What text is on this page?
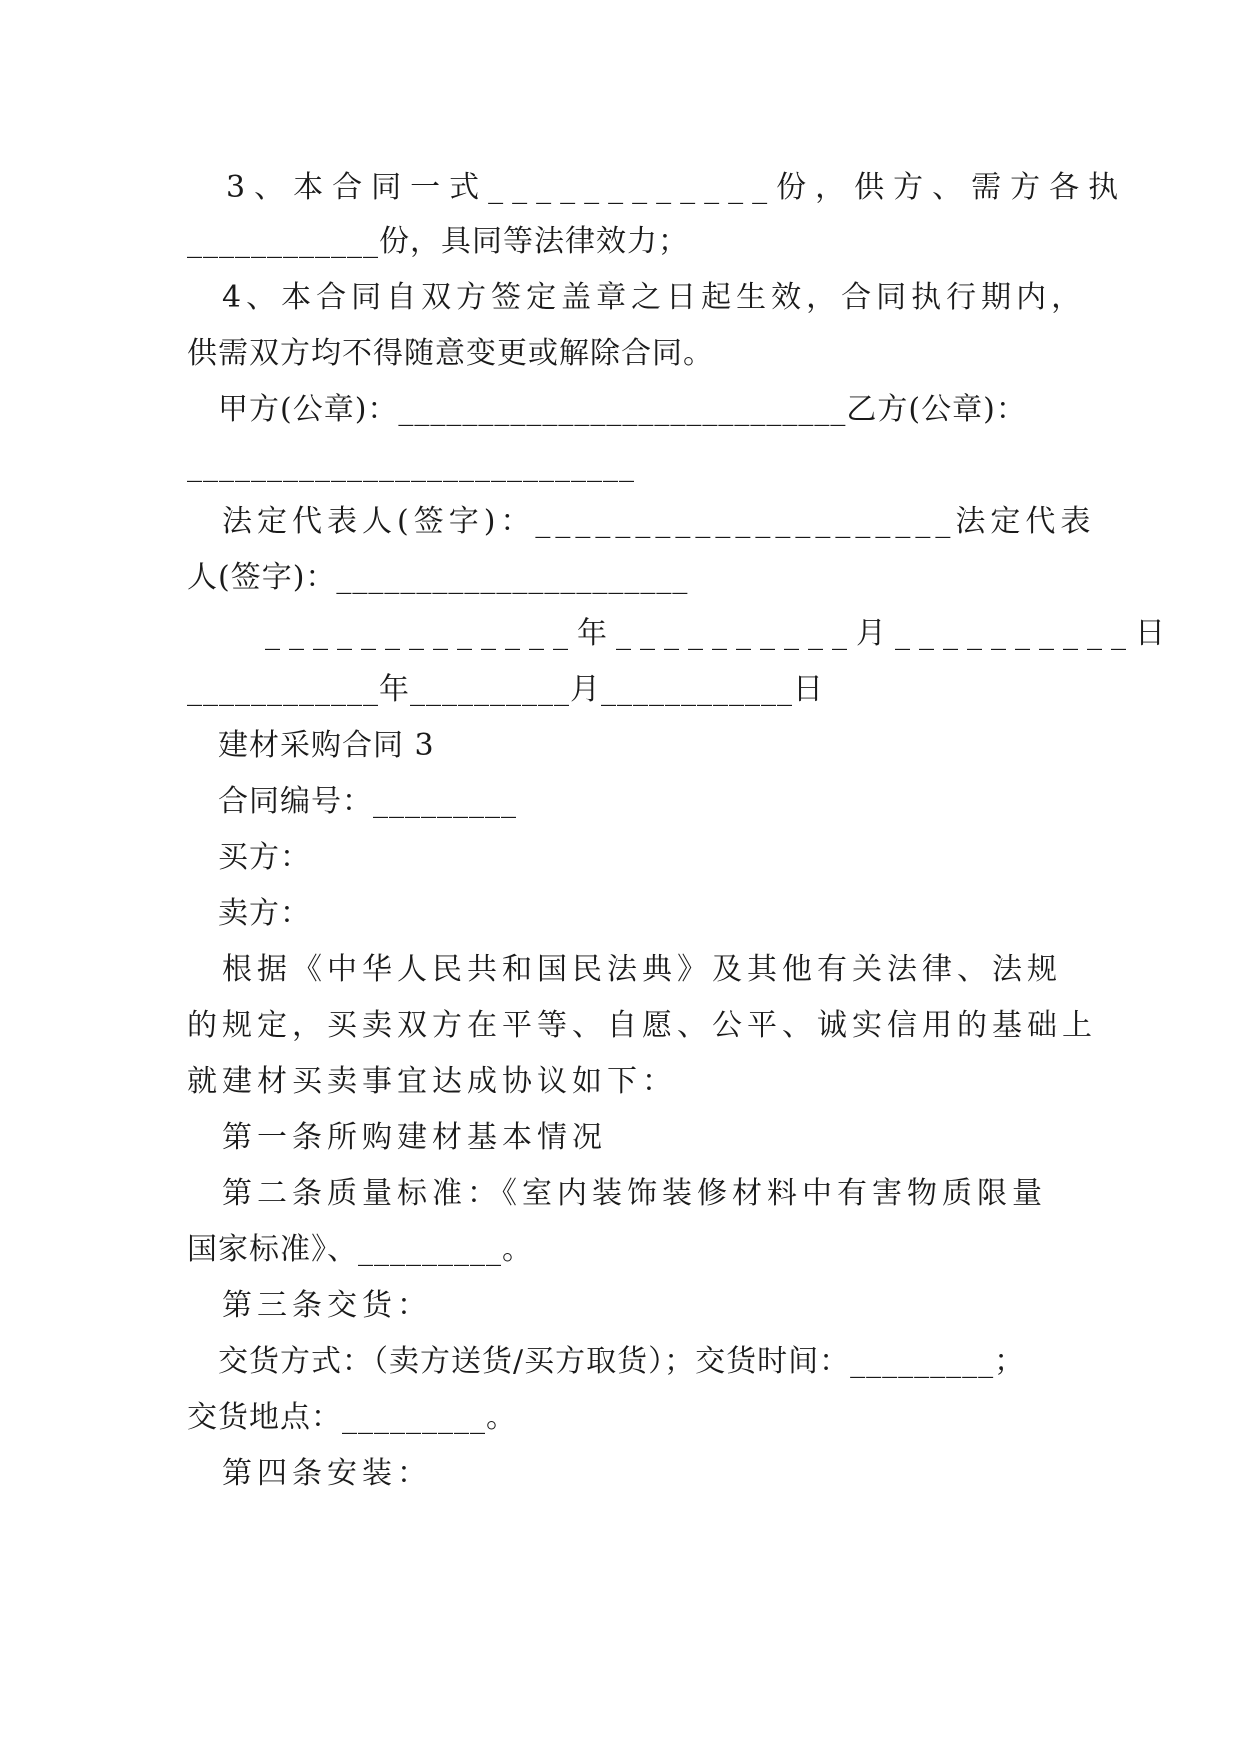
　3、本合同一式____________份，供方、需方各执
____________份，具同等法律效力；
　4、本合同自双方签定盖章之日起生效，合同执行期内，
供需双方均不得随意变更或解除合同。
　甲方(公章)：____________________________乙方(公章)：
____________________________
　法定代表人(签字)：_____________________法定代表
人(签字)：______________________
　　_____________年__________月__________日
____________年__________月____________日
　建材采购合同 3
　合同编号：_________
　买方：
　卖方：
　根据《中华人民共和国民法典》及其他有关法律、法规
的规定，买卖双方在平等、自愿、公平、诚实信用的基础上
就建材买卖事宜达成协议如下：
　第一条所购建材基本情况
　第二条质量标准：《室内装饰装修材料中有害物质限量
国家标准》、_________。
　第三条交货：
　交货方式：（卖方送货/买方取货）；交货时间：_________；
交货地点：_________。
　第四条安装：
